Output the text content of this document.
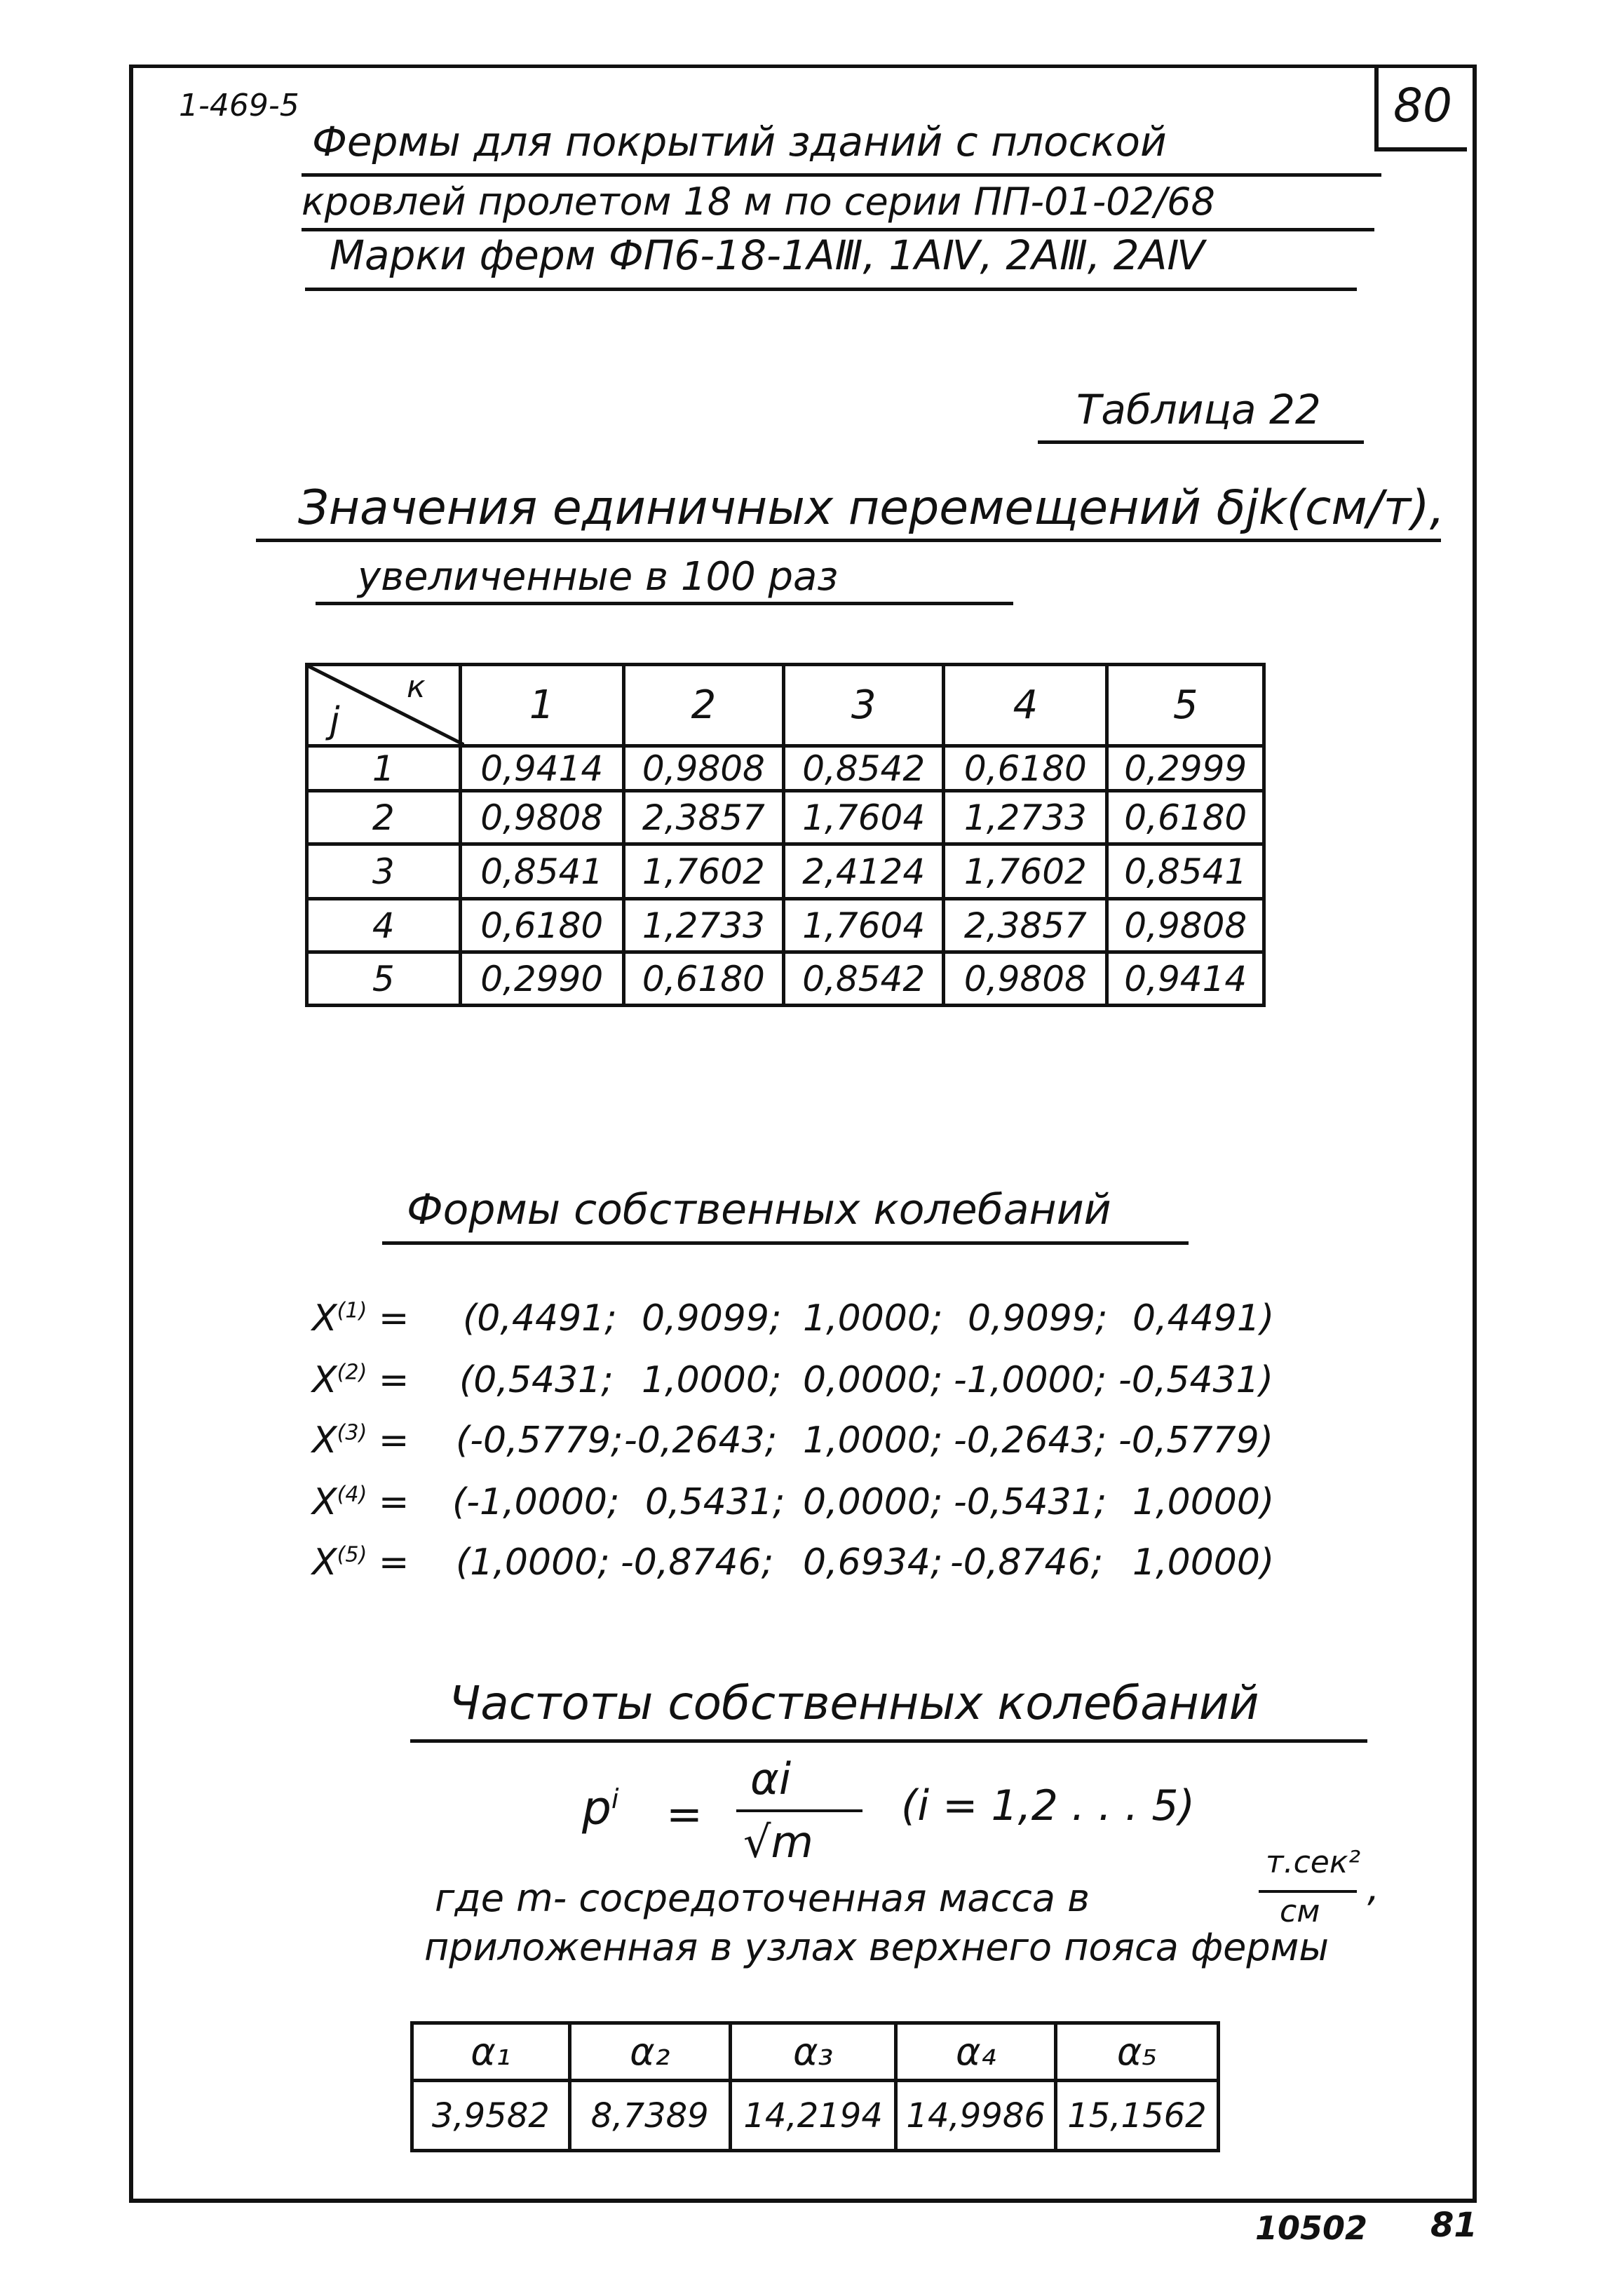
1-469-5	80
Фермы для покрытий зданий с плоской
кровлей пролетом 18 м по серии ПП-01-02/68
Марки ферм ФП6-18-1АⅢ, 1АⅣ, 2АⅢ, 2АⅣ
Таблица 22
Значения единичных перемещений δjk(см/т),
увеличенные в 100 раз
к
j	1	2	3	4	5
1	0,9414	0,9808	0,8542	0,6180	0,2999
2	0,9808	2,3857	1,7604	1,2733	0,6180
3	0,8541	1,7602	2,4124	1,7602	0,8541
4	0,6180	1,2733	1,7604	2,3857	0,9808
5	0,2990	0,6180	0,8542	0,9808	0,9414
Формы собственных колебаний
$X^{(1)} = (0,4491$; 0,9099; 1,0000; 0,9099; 0,4491)
$X^{(2)} = (0,5431$; 1,0000; 0,0000; -1,0000; -0,5431)
$X^{(3)} = (-0,5779$; -0,2643; 1,0000; -0,2643; -0,5779)
$X^{(4)} = (-1,0000$; 0,5431; 0,0000; -0,5431; 1,0000)
$X^{(5)} = (1,0000$; -0,8746; 0,6934; -0,8746; 1,0000)
Частоты собственных колебаний
$p^i$ =
αi
√m
(i = 1,2 . . . 5)
где m- сосредоточенная масса в
т.сек²
см
,
приложенная в узлах верхнего пояса фермы
α₁	α₂	α₃	α₄	α₅
3,9582	8,7389	14,2194	14,9986	15,1562
10502 81
